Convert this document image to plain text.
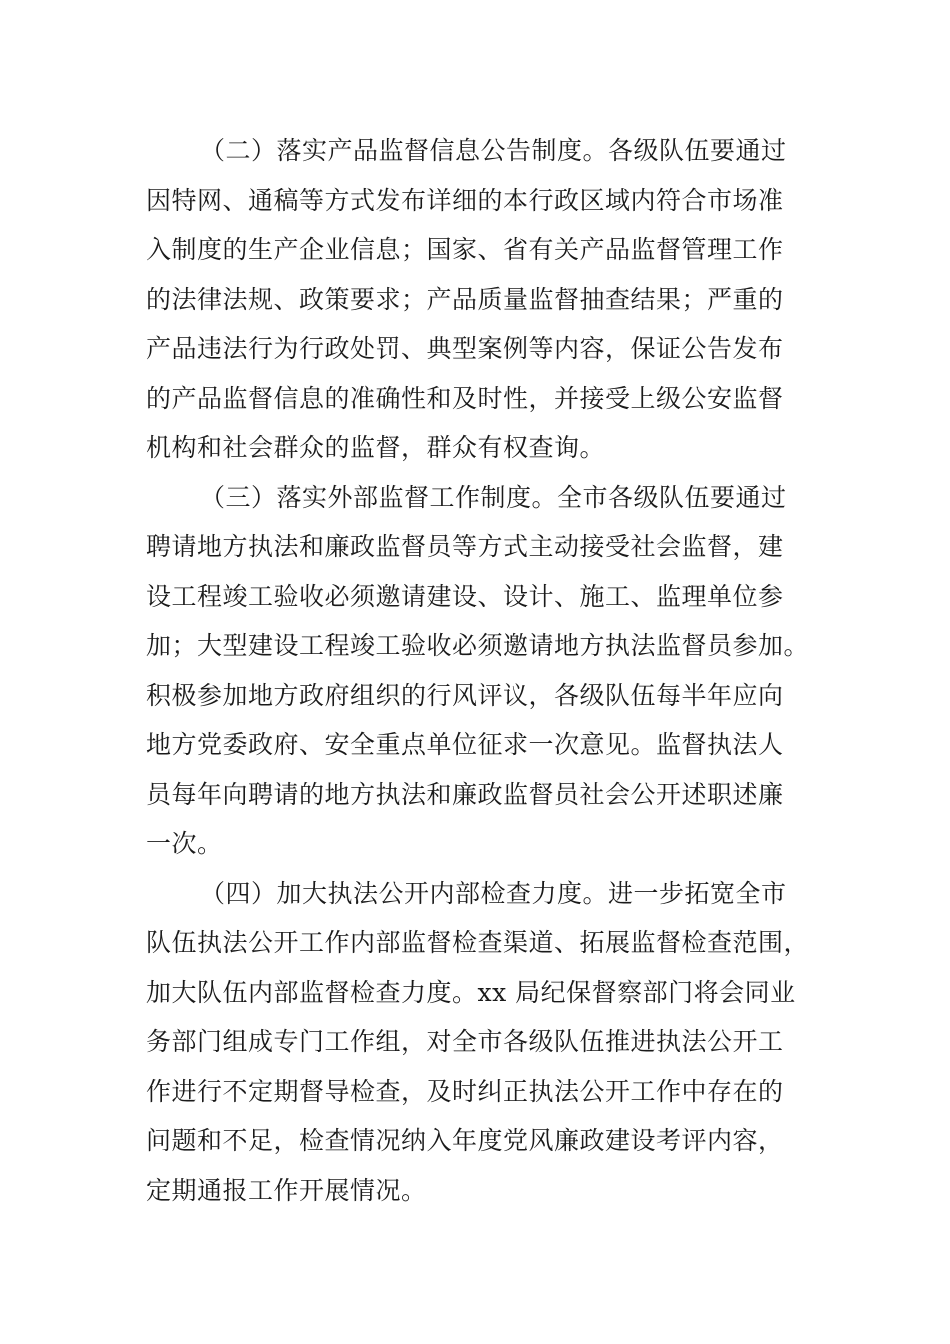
（二）落实产品监督信息公告制度。各级队伍要通过
因特网、通稿等方式发布详细的本行政区域内符合市场准
入制度的生产企业信息；国家、省有关产品监督管理工作
的法律法规、政策要求；产品质量监督抽查结果；严重的
产品违法行为行政处罚、典型案例等内容，保证公告发布
的产品监督信息的准确性和及时性，并接受上级公安监督
机构和社会群众的监督，群众有权查询。
（三）落实外部监督工作制度。全市各级队伍要通过
聘请地方执法和廉政监督员等方式主动接受社会监督，建
设工程竣工验收必须邀请建设、设计、施工、监理单位参
加；大型建设工程竣工验收必须邀请地方执法监督员参加。
积极参加地方政府组织的行风评议，各级队伍每半年应向
地方党委政府、安全重点单位征求一次意见。监督执法人
员每年向聘请的地方执法和廉政监督员社会公开述职述廉
一次。
（四）加大执法公开内部检查力度。进一步拓宽全市
队伍执法公开工作内部监督检查渠道、拓展监督检查范围，
加大队伍内部监督检查力度。xx 局纪保督察部门将会同业
务部门组成专门工作组，对全市各级队伍推进执法公开工
作进行不定期督导检查，及时纠正执法公开工作中存在的
问题和不足，检查情况纳入年度党风廉政建设考评内容，
定期通报工作开展情况。
